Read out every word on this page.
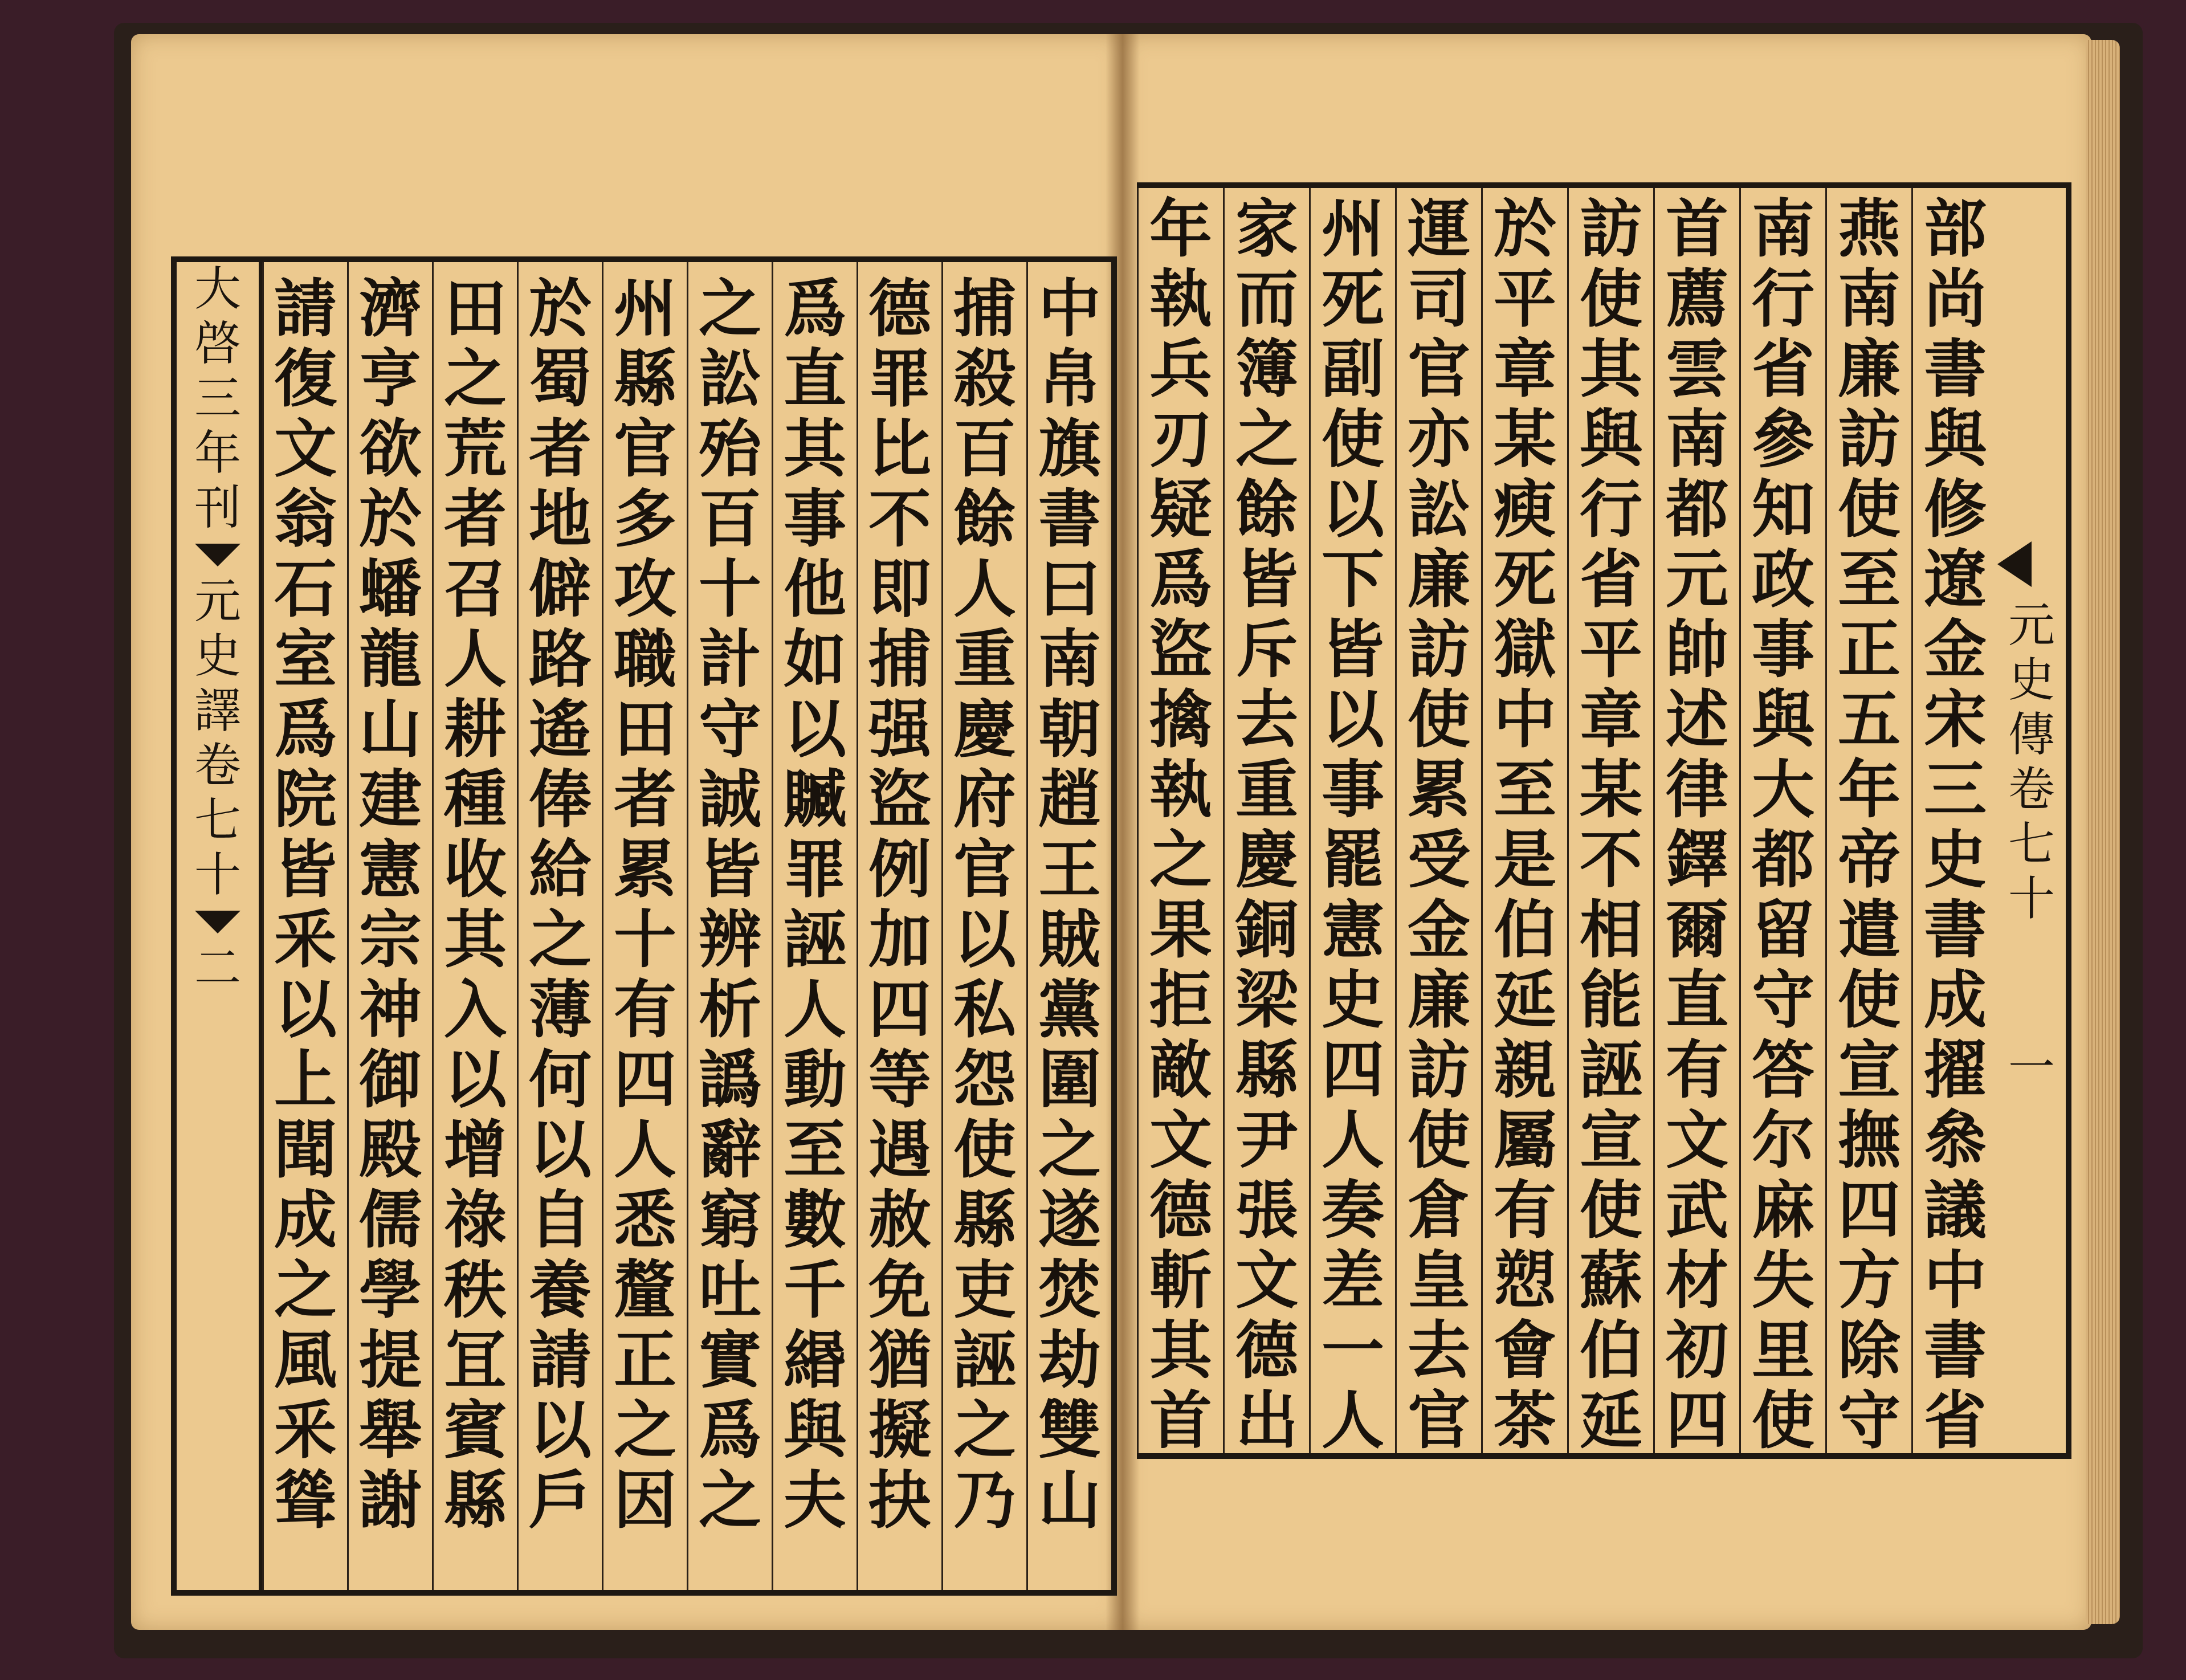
大
啓
三
年
刊
元
史
譯
卷
七
十
二
中
帛
旗
書
曰
南
朝
趙
王
賊
黨
圍
之
遂
焚
劫
雙
山
捕
殺
百
餘
人
重
慶
府
官
以
私
怨
使
縣
吏
誣
之
乃
德
罪
比
不
即
捕
强
盜
例
加
四
等
遇
赦
免
猶
擬
抉
爲
直
其
事
他
如
以
贓
罪
誣
人
動
至
數
千
緡
與
夫
之
訟
殆
百
十
計
守
誠
皆
辨
析
譌
辭
窮
吐
實
爲
之
州
縣
官
多
攻
職
田
者
累
十
有
四
人
悉
釐
正
之
因
於
蜀
者
地
僻
路
遙
俸
給
之
薄
何
以
自
養
請
以
戶
田
之
荒
者
召
人
耕
種
收
其
入
以
增
祿
秩
冝
賓
縣
濟
亨
欲
於
蟠
龍
山
建
憲
宗
神
御
殿
儒
學
提
舉
謝
請
復
文
翁
石
室
爲
院
皆
釆
以
上
聞
成
之
風
釆
聳
元
史
傳
卷
七
十
一
部
尚
書
與
修
遼
金
宋
三
史
書
成
擢
叅
議
中
書
省
燕
南
廉
訪
使
至
正
五
年
帝
遣
使
宣
撫
四
方
除
守
南
行
省
參
知
政
事
與
大
都
留
守
答
尔
麻
失
里
使
首
薦
雲
南
都
元
帥
述
律
鐸
爾
直
有
文
武
材
初
四
訪
使
其
與
行
省
平
章
某
不
相
能
誣
宣
使
蘇
伯
延
於
平
章
某
瘐
死
獄
中
至
是
伯
延
親
屬
有
愬
會
茶
運
司
官
亦
訟
廉
訪
使
累
受
金
廉
訪
使
倉
皇
去
官
州
死
副
使
以
下
皆
以
事
罷
憲
史
四
人
奏
差
一
人
家
而
簿
之
餘
皆
斥
去
重
慶
銅
梁
縣
尹
張
文
德
出
年
執
兵
刃
疑
爲
盜
擒
執
之
果
拒
敵
文
德
斬
其
首
